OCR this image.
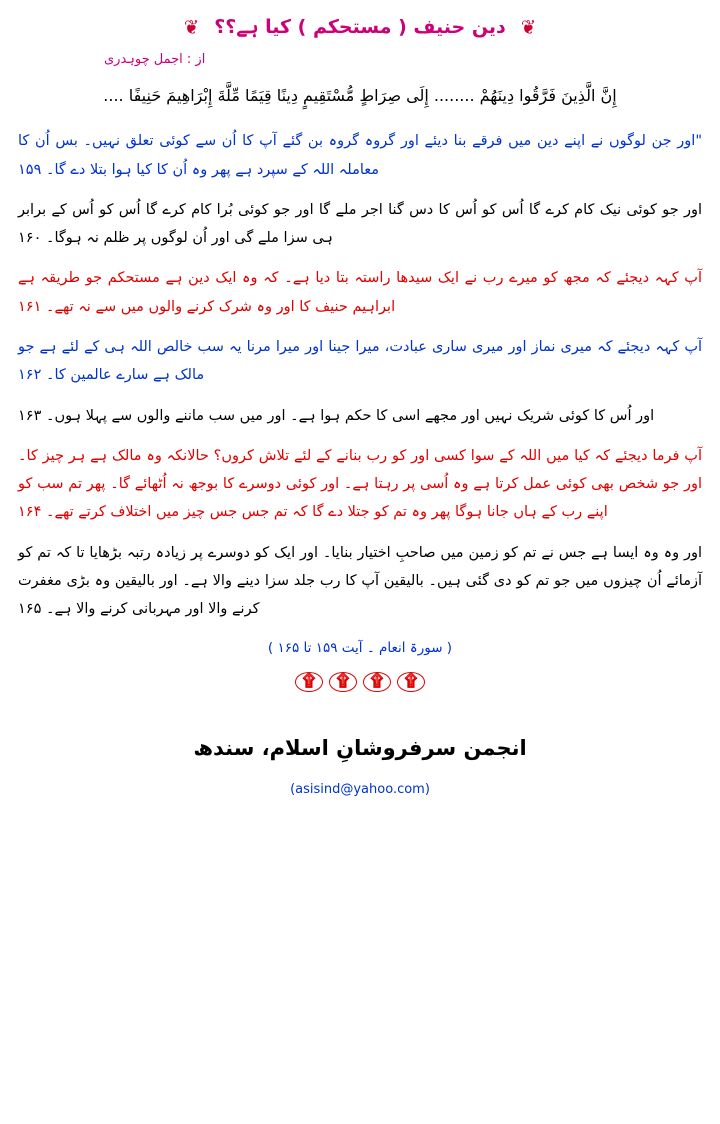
❦ دین حنیف ( مستحکم ) کیا ہے؟؟ ❦
از : اجمل چوہدری
إِنَّ الَّذِينَ فَرَّقُوا دِينَهُمْ ........ إِلَى صِرَاطٍ مُّسْتَقِيمٍ دِينًا قِيَمًا مِّلَّةَ إِبْرَاهِيمَ حَنِيفًا ....

"اور جن لوگوں نے اپنے دین میں فرقے بنا دیئے اور گروہ گروہ بن گئے آپ کا اُن سے کوئی تعلق نہیں۔ بس اُن کا معاملہ اللہ کے سپرد ہے پھر وہ اُن کا کیا ہوا بتلا دے گا۔ ۱۵۹

اور جو کوئی نیک کام کرے گا اُس کو اُس کا دس گنا اجر ملے گا اور جو کوئی بُرا کام کرے گا اُس کو اُس کے برابر ہی سزا ملے گی اور اُن لوگوں پر ظلم نہ ہوگا۔ ۱۶۰

آپ کہہ دیجئے کہ مجھ کو میرے رب نے ایک سیدھا راستہ بتا دیا ہے۔ کہ وہ ایک دین ہے مستحکم جو طریقہ ہے ابراہیم حنیف کا اور وہ شرک کرنے والوں میں سے نہ تھے۔ ۱۶۱

آپ کہہ دیجئے کہ میری نماز اور میری ساری عبادت، میرا جینا اور میرا مرنا یہ سب خالص اللہ ہی کے لئے ہے جو مالک ہے سارے عالمین کا۔ ۱۶۲

اور اُس کا کوئی شریک نہیں اور مجھے اسی کا حکم ہوا ہے۔ اور میں سب ماننے والوں سے پہلا ہوں۔ ۱۶۳

آپ فرما دیجئے کہ کیا میں اللہ کے سوا کسی اور کو رب بنانے کے لئے تلاش کروں؟ حالانکہ وہ مالک ہے ہر چیز کا۔ اور جو شخص بھی کوئی عمل کرتا ہے وہ اُسی پر رہتا ہے۔ اور کوئی دوسرے کا بوجھ نہ اُٹھائے گا۔ پھر تم سب کو اپنے رب کے ہاں جانا ہوگا پھر وہ تم کو جتلا دے گا کہ تم جس جس چیز میں اختلاف کرتے تھے۔ ۱۶۴

اور وہ وہ ایسا ہے جس نے تم کو زمین میں صاحبِ اختیار بنایا۔ اور ایک کو دوسرے پر زیادہ رتبہ بڑھایا تا کہ تم کو آزمائے اُن چیزوں میں جو تم کو دی گئی ہیں۔ بالیقین آپ کا رب جلد سزا دینے والا ہے۔ اور بالیقین وہ بڑی مغفرت کرنے والا اور مہربانی کرنے والا ہے۔ ۱۶۵

( سورۃ انعام ۔ آیت ۱۵۹ تا ۱۶۵ )
۩
۩
۩
۩
انجمن سرفروشانِ اسلام، سندھ
(asisind@yahoo.com)
